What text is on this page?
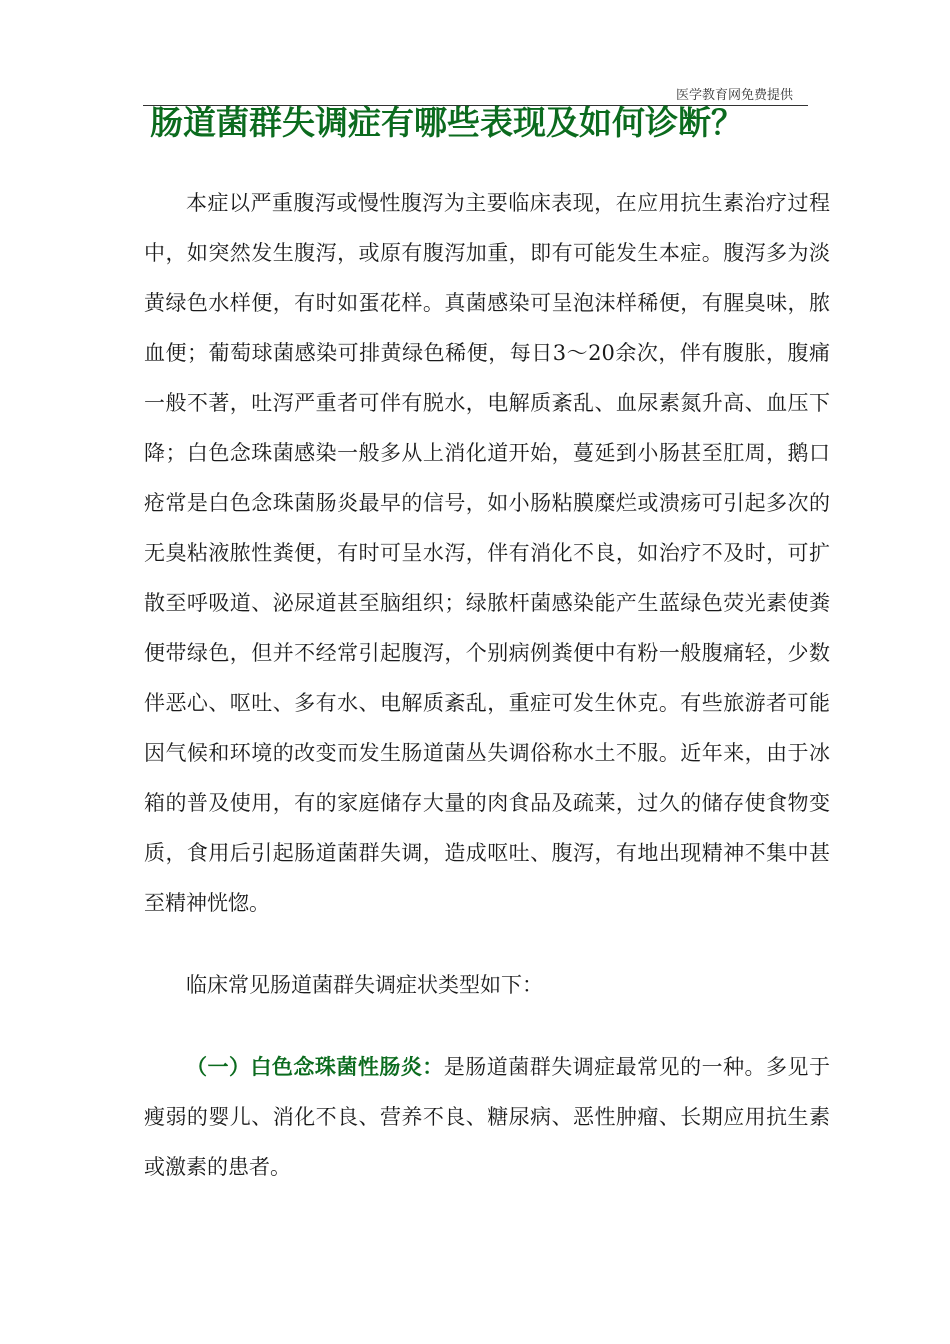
医学教育网免费提供
肠道菌群失调症有哪些表现及如何诊断？

本症以严重腹泻或慢性腹泻为主要临床表现，在应用抗生素治疗过程中，如突然发生腹泻，或原有腹泻加重，即有可能发生本症。腹泻多为淡黄绿色水样便，有时如蛋花样。真菌感染可呈泡沫样稀便，有腥臭味，脓血便；葡萄球菌感染可排黄绿色稀便，每日3～20余次，伴有腹胀，腹痛一般不著，吐泻严重者可伴有脱水，电解质紊乱、血尿素氮升高、血压下降；白色念珠菌感染一般多从上消化道开始，蔓延到小肠甚至肛周，鹅口疮常是白色念珠菌肠炎最早的信号，如小肠粘膜糜烂或溃疡可引起多次的无臭粘液脓性粪便，有时可呈水泻，伴有消化不良，如治疗不及时，可扩散至呼吸道、泌尿道甚至脑组织；绿脓杆菌感染能产生蓝绿色荧光素使粪便带绿色，但并不经常引起腹泻，个别病例粪便中有粉一般腹痛轻，少数伴恶心、呕吐、多有水、电解质紊乱，重症可发生休克。有些旅游者可能因气候和环境的改变而发生肠道菌丛失调俗称水土不服。近年来，由于冰箱的普及使用，有的家庭储存大量的肉食品及疏莱，过久的储存使食物变质，食用后引起肠道菌群失调，造成呕吐、腹泻，有地出现精神不集中甚至精神恍惚。

临床常见肠道菌群失调症状类型如下：

（一）白色念珠菌性肠炎：是肠道菌群失调症最常见的一种。多见于瘦弱的婴儿、消化不良、营养不良、糖尿病、恶性肿瘤、长期应用抗生素或激素的患者。
